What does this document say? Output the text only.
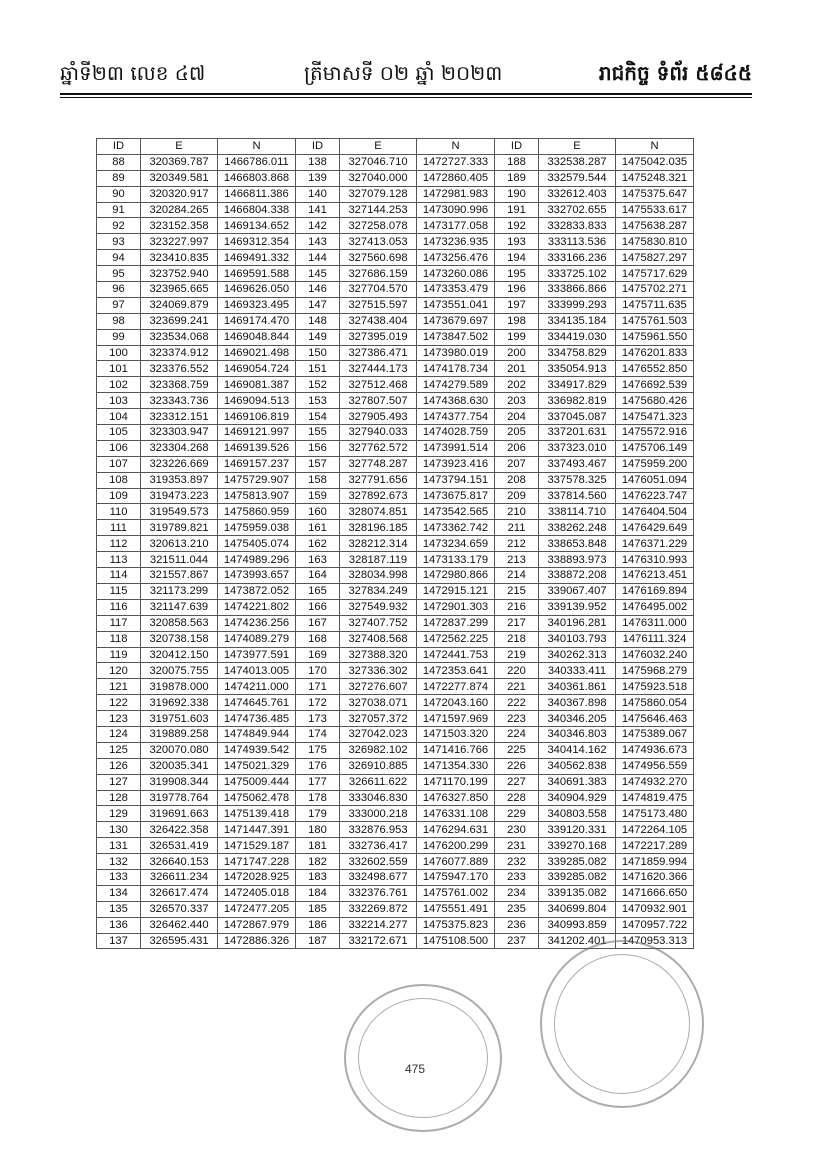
ឆ្នាំទី២៣ លេខ ៤៧	ត្រីមាសទី ០២ ឆ្នាំ ២០២៣	រាជកិច្ច ទំព័រ ៥៨៤៥
ID	E	N	ID	E	N	ID	E	N
88	320369.787	1466786.011	138	327046.710	1472727.333	188	332538.287	1475042.035
89	320349.581	1466803.868	139	327040.000	1472860.405	189	332579.544	1475248.321
90	320320.917	1466811.386	140	327079.128	1472981.983	190	332612.403	1475375.647
91	320284.265	1466804.338	141	327144.253	1473090.996	191	332702.655	1475533.617
92	323152.358	1469134.652	142	327258.078	1473177.058	192	332833.833	1475638.287
93	323227.997	1469312.354	143	327413.053	1473236.935	193	333113.536	1475830.810
94	323410.835	1469491.332	144	327560.698	1473256.476	194	333166.236	1475827.297
95	323752.940	1469591.588	145	327686.159	1473260.086	195	333725.102	1475717.629
96	323965.665	1469626.050	146	327704.570	1473353.479	196	333866.866	1475702.271
97	324069.879	1469323.495	147	327515.597	1473551.041	197	333999.293	1475711.635
98	323699.241	1469174.470	148	327438.404	1473679.697	198	334135.184	1475761.503
99	323534.068	1469048.844	149	327395.019	1473847.502	199	334419.030	1475961.550
100	323374.912	1469021.498	150	327386.471	1473980.019	200	334758.829	1476201.833
101	323376.552	1469054.724	151	327444.173	1474178.734	201	335054.913	1476552.850
102	323368.759	1469081.387	152	327512.468	1474279.589	202	334917.829	1476692.539
103	323343.736	1469094.513	153	327807.507	1474368.630	203	336982.819	1475680.426
104	323312.151	1469106.819	154	327905.493	1474377.754	204	337045.087	1475471.323
105	323303.947	1469121.997	155	327940.033	1474028.759	205	337201.631	1475572.916
106	323304.268	1469139.526	156	327762.572	1473991.514	206	337323.010	1475706.149
107	323226.669	1469157.237	157	327748.287	1473923.416	207	337493.467	1475959.200
108	319353.897	1475729.907	158	327791.656	1473794.151	208	337578.325	1476051.094
109	319473.223	1475813.907	159	327892.673	1473675.817	209	337814.560	1476223.747
110	319549.573	1475860.959	160	328074.851	1473542.565	210	338114.710	1476404.504
111	319789.821	1475959.038	161	328196.185	1473362.742	211	338262.248	1476429.649
112	320613.210	1475405.074	162	328212.314	1473234.659	212	338653.848	1476371.229
113	321511.044	1474989.296	163	328187.119	1473133.179	213	338893.973	1476310.993
114	321557.867	1473993.657	164	328034.998	1472980.866	214	338872.208	1476213.451
115	321173.299	1473872.052	165	327834.249	1472915.121	215	339067.407	1476169.894
116	321147.639	1474221.802	166	327549.932	1472901.303	216	339139.952	1476495.002
117	320858.563	1474236.256	167	327407.752	1472837.299	217	340196.281	1476311.000
118	320738.158	1474089.279	168	327408.568	1472562.225	218	340103.793	1476111.324
119	320412.150	1473977.591	169	327388.320	1472441.753	219	340262.313	1476032.240
120	320075.755	1474013.005	170	327336.302	1472353.641	220	340333.411	1475968.279
121	319878.000	1474211.000	171	327276.607	1472277.874	221	340361.861	1475923.518
122	319692.338	1474645.761	172	327038.071	1472043.160	222	340367.898	1475860.054
123	319751.603	1474736.485	173	327057.372	1471597.969	223	340346.205	1475646.463
124	319889.258	1474849.944	174	327042.023	1471503.320	224	340346.803	1475389.067
125	320070.080	1474939.542	175	326982.102	1471416.766	225	340414.162	1474936.673
126	320035.341	1475021.329	176	326910.885	1471354.330	226	340562.838	1474956.559
127	319908.344	1475009.444	177	326611.622	1471170.199	227	340691.383	1474932.270
128	319778.764	1475062.478	178	333046.830	1476327.850	228	340904.929	1474819.475
129	319691.663	1475139.418	179	333000.218	1476331.108	229	340803.558	1475173.480
130	326422.358	1471447.391	180	332876.953	1476294.631	230	339120.331	1472264.105
131	326531.419	1471529.187	181	332736.417	1476200.299	231	339270.168	1472217.289
132	326640.153	1471747.228	182	332602.559	1476077.889	232	339285.082	1471859.994
133	326611.234	1472028.925	183	332498.677	1475947.170	233	339285.082	1471620.366
134	326617.474	1472405.018	184	332376.761	1475761.002	234	339135.082	1471666.650
135	326570.337	1472477.205	185	332269.872	1475551.491	235	340699.804	1470932.901
136	326462.440	1472867.979	186	332214.277	1475375.823	236	340993.859	1470957.722
137	326595.431	1472886.326	187	332172.671	1475108.500	237	341202.401	1470953.313
475
